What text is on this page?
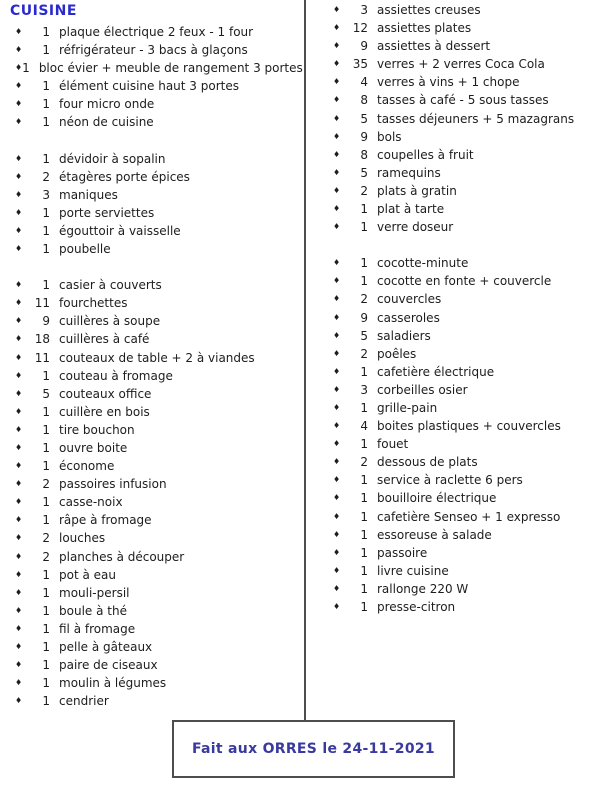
CUISINE
♦	1 plaque électrique 2 feux - 1 four
♦	1 réfrigérateur - 3 bacs à glaçons
♦ 1 bloc évier + meuble de rangement 3 portes
♦	1 élément cuisine haut 3 portes
♦	1 four micro onde
♦	1 néon de cuisine
♦	1 dévidoir à sopalin
♦	2 étagères porte épices
♦	3 maniques
♦	1 porte serviettes
♦	1 égouttoir à vaisselle
♦	1 poubelle
♦	1 casier à couverts
♦	11 fourchettes
♦	9 cuillères à soupe
♦	18 cuillères à café
♦	11 couteaux de table + 2 à viandes
♦	1 couteau à fromage
♦	5 couteaux office
♦	1 cuillère en bois
♦	1 tire bouchon
♦	1 ouvre boite
♦	1 économe
♦	2 passoires infusion
♦	1 casse-noix
♦	1 râpe à fromage
♦	2 louches
♦	2 planches à découper
♦	1 pot à eau
♦	1 mouli-persil
♦	1 boule à thé
♦	1 fil à fromage
♦	1 pelle à gâteaux
♦	1 paire de ciseaux
♦	1 moulin à légumes
♦	1 cendrier
♦	3 assiettes creuses
♦	12 assiettes plates
♦	9 assiettes à dessert
♦	35 verres + 2 verres Coca Cola
♦	4 verres à vins + 1 chope
♦	8 tasses à café - 5 sous tasses
♦	5 tasses déjeuners + 5 mazagrans
♦	9 bols
♦	8 coupelles à fruit
♦	5 ramequins
♦	2 plats à gratin
♦	1 plat à tarte
♦	1 verre doseur
♦	1 cocotte-minute
♦	1 cocotte en fonte + couvercle
♦	2 couvercles
♦	9 casseroles
♦	5 saladiers
♦	2 poêles
♦	1 cafetière électrique
♦	3 corbeilles osier
♦	1 grille-pain
♦	4 boites plastiques + couvercles
♦	1 fouet
♦	2 dessous de plats
♦	1 service à raclette 6 pers
♦	1 bouilloire électrique
♦	1 cafetière Senseo + 1 expresso
♦	1 essoreuse à salade
♦	1 passoire
♦	1 livre cuisine
♦	1 rallonge 220 W
♦	1 presse-citron
Fait aux ORRES le 24-11-2021
